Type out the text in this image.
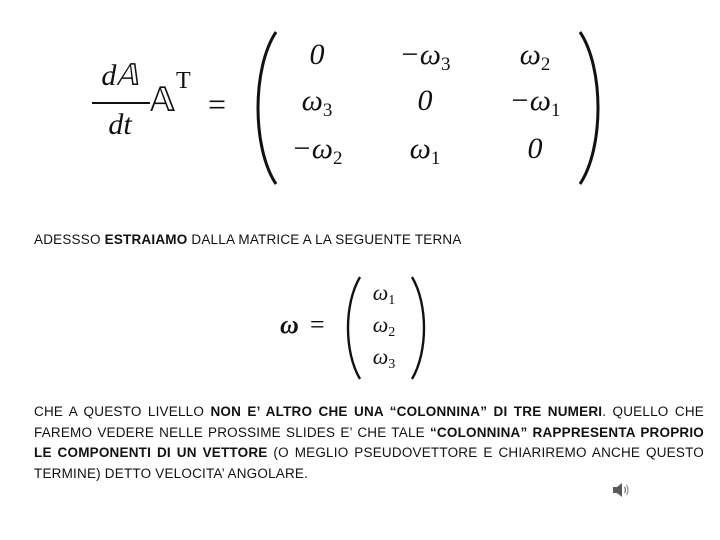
d𝔸
dt
𝔸 T
=
0	$-\omega_3$	$\omega_2$
$\omega_3$	0	$-\omega_1$
$-\omega_2$	$\omega_1$	0
ADESSSO ESTRAIAMO DALLA MATRICE A LA SEGUENTE TERNA
ω =
ω1
ω2
ω3
CHE A QUESTO LIVELLO NON E’ ALTRO CHE UNA “COLONNINA” DI TRE NUMERI. QUELLO CHE FAREMO VEDERE NELLE PROSSIME SLIDES E’ CHE TALE “COLONNINA” RAPPRESENTA PROPRIO LE COMPONENTI DI UN VETTORE (O MEGLIO PSEUDOVETTORE E CHIARIREMO ANCHE QUESTO TERMINE) DETTO VELOCITA’ ANGOLARE.
